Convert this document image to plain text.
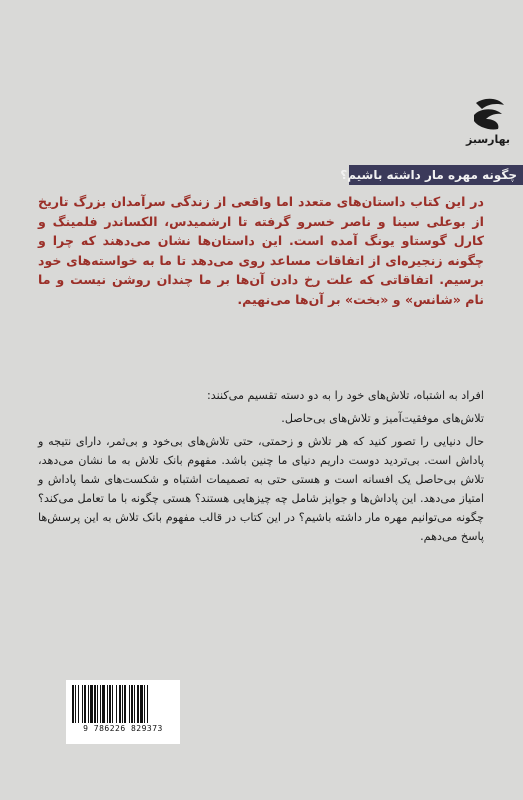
بهارسبز
چگونه مهره مار داشته باشیم؟

در این کتاب داستان‌های متعدد اما واقعی از زندگی سرآمدان بزرگ تاریخ از بوعلی سینا و ناصر خسرو گرفته تا ارشمیدس، الکساندر فلمینگ و کارل گوستاو یونگ آمده است. این داستان‌ها نشان می‌دهند که چرا و چگونه زنجیره‌ای از اتفاقات مساعد روی می‌دهد تا ما به خواسته‌های خود برسیم. اتفاقاتی که علت رخ دادن آن‌ها بر ما چندان روشن نیست و ما نام «شانس» و «بخت» بر آن‌ها می‌نهیم.

افراد به اشتباه، تلاش‌های خود را به دو دسته تقسیم می‌کنند:

تلاش‌های موفقیت‌آمیز و تلاش‌های بی‌حاصل.

حال دنیایی را تصور کنید که هر تلاش و زحمتی، حتی تلاش‌های بی‌خود و بی‌ثمر، دارای نتیجه و پاداش است. بی‌تردید دوست داریم دنیای ما چنین باشد. مفهوم بانک تلاش به ما نشان می‌دهد، تلاش بی‌حاصل یک افسانه است و هستی حتی به تصمیمات اشتباه و شکست‌های شما پاداش و امتیاز می‌دهد. این پاداش‌ها و جوایز شامل چه چیزهایی هستند؟ هستی چگونه با ما تعامل می‌کند؟ چگونه می‌توانیم مهره مار داشته باشیم؟ در این کتاب در قالب مفهوم بانک تلاش به این پرسش‌ها پاسخ می‌دهم.

9 786226 829373
